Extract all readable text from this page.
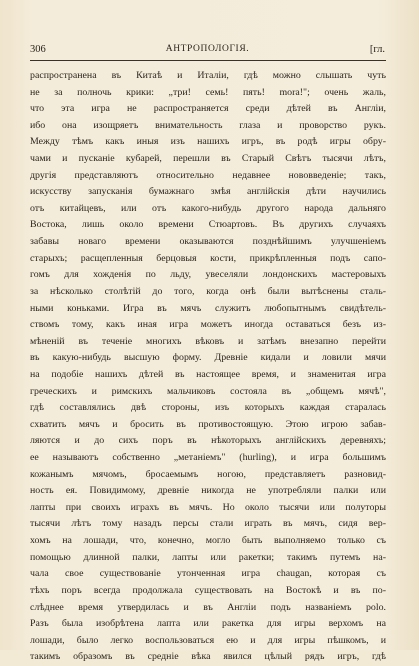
306	АНТРОПОЛОГІЯ.	[гл.
распространена въ Китаѣ и Италіи, гдѣ можно слышать чуть
не за полночь крики: „три! семь! пять! mora!"; очень жаль,
что эта игра не распространяется среди дѣтей въ Англіи,
ибо она изощряетъ внимательность глаза и проворство рукъ.
Между тѣмъ какъ иныя изъ нашихъ игръ, въ родѣ игры обру-
чами и пусканіе кубарей, перешли въ Старый Свѣтъ тысячи лѣтъ,
другія представляютъ относительно недавнее нововведеніе; такъ,
искусству запусканія бумажнаго змѣя англійскія дѣти научились
отъ китайцевъ, или отъ какого-нибудь другого народа дальняго
Востока, лишь около времени Стюартовъ. Въ другихъ случаяхъ
забавы новаго времени оказываются позднѣйшимъ улучшеніемъ
старыхъ; расщепленныя берцовыя кости, прикрѣпленныя подъ сапо-
гомъ для хожденія по льду, увеселяли лондонскихъ мастеровыхъ
за нѣсколько столѣтій до того, когда онѣ были вытѣснены сталь-
ными коньками. Игра въ мячъ служитъ любопытнымъ свидѣтель-
ствомъ тому, какъ иная игра можетъ иногда оставаться безъ из-
мѣненій въ теченіе многихъ вѣковъ и затѣмъ внезапно перейти
въ какую-нибудь высшую форму. Древніе кидали и ловили мячи
на подобіе нашихъ дѣтей въ настоящее время, и знаменитая игра
греческихъ и римскихъ мальчиковъ состояла въ „общемъ мячѣ",
гдѣ составлялись двѣ стороны, изъ которыхъ каждая старалась
схватить мячъ и бросить въ противостоящую. Этою игрою забав-
ляются и до сихъ поръ въ нѣкоторыхъ англійскихъ деревняхъ;
ее называютъ собственно „метаніемъ" (hurling), и игра большимъ
кожанымъ мячомъ, бросаемымъ ногою, представляетъ разновид-
ность ея. Повидимому, древніе никогда не употребляли палки или
лапты при своихъ играхъ въ мячъ. Но около тысячи или полуторы
тысячи лѣтъ тому назадъ персы стали играть въ мячъ, сидя вер-
хомъ на лошади, что, конечно, могло быть выполняемо только съ
помощью длинной палки, лапты или ракетки; такимъ путемъ на-
чала свое существованіе утонченная игра chaugan, которая съ
тѣхъ поръ всегда продолжала существовать на Востокѣ и въ по-
слѣднее время утвердилась и въ Англіи подъ названіемъ polo.
Разъ была изобрѣтена лапта или ракетка для игры верхомъ на
лошади, было легко воспользоваться ею и для игры пѣшкомъ, и
такимъ образомъ въ средніе вѣка явился цѣлый рядъ игръ, гдѣ
